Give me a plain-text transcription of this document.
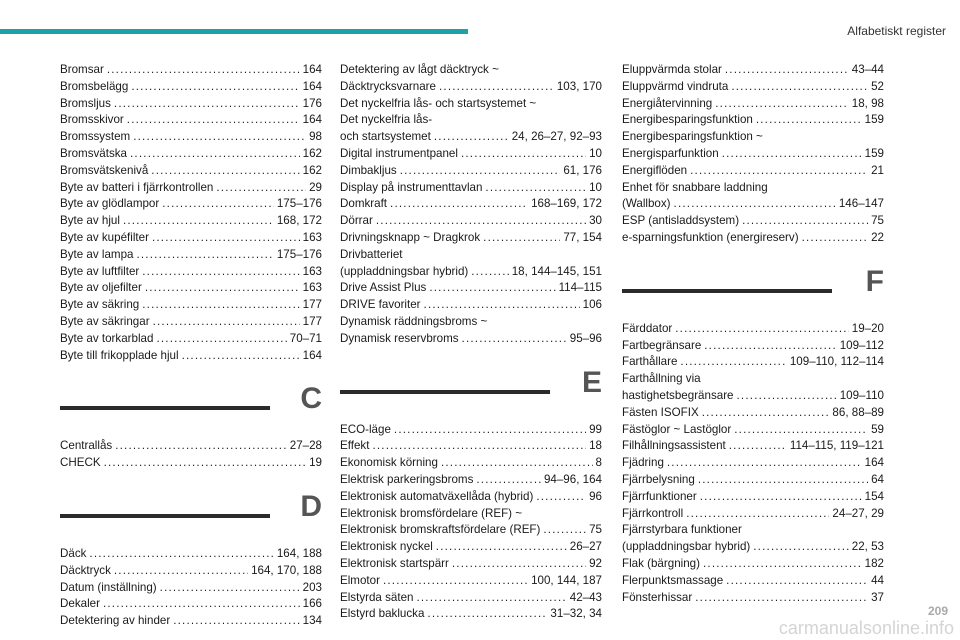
Alfabetiskt register
Bromsar .....	164
Bromsbelägg .....	164
Bromsljus .....	176
Bromsskivor .....	164
Bromssystem .....	98
Bromsvätska .....	162
Bromsvätskenivå .....	162
Byte av batteri i fjärrkontrollen .....	29
Byte av glödlampor .....	175–176
Byte av hjul .....	168, 172
Byte av kupéfilter .....	163
Byte av lampa .....	175–176
Byte av luftfilter .....	163
Byte av oljefilter .....	163
Byte av säkring .....	177
Byte av säkringar .....	177
Byte av torkarblad .....	70–71
Byte till frikopplade hjul .....	164
C
Centrallås .....	27–28
CHECK .....	19
D
Däck .....	164, 188
Däcktryck .....	164, 170, 188
Datum (inställning) .....	203
Dekaler .....	166
Detektering av hinder .....	134
Detektering av lågt däcktryck ~
Däcktrycksvarnare .....	103, 170
Det nyckelfria lås- och startsystemet ~
Det nyckelfria lås-
och startsystemet .....	24, 26–27, 92–93
Digital instrumentpanel .....	10
Dimbakljus .....	61, 176
Display på instrumenttavlan .....	10
Domkraft .....	168–169, 172
Dörrar .....	30
Drivningsknapp ~ Dragkrok .....	77, 154
Drivbatteriet
(uppladdningsbar hybrid) .....	18, 144–145, 151
Drive Assist Plus .....	114–115
DRIVE favoriter .....	106
Dynamisk räddningsbroms ~
Dynamisk reservbroms .....	95–96
E
ECO-läge .....	99
Effekt .....	18
Ekonomisk körning .....	8
Elektrisk parkeringsbroms .....	94–96, 164
Elektronisk automatväxellåda (hybrid) .....	96
Elektronisk bromsfördelare (REF) ~
Elektronisk bromskraftsfördelare (REF) .....	75
Elektronisk nyckel .....	26–27
Elektronisk startspärr .....	92
Elmotor .....	100, 144, 187
Elstyrda säten .....	42–43
Elstyrd baklucka .....	31–32, 34
Eluppvärmda stolar .....	43–44
Eluppvärmd vindruta .....	52
Energiåtervinning .....	18, 98
Energibesparingsfunktion .....	159
Energibesparingsfunktion ~
Energisparfunktion .....	159
Energiflöden .....	21
Enhet för snabbare laddning
(Wallbox) .....	146–147
ESP (antisladdsystem) .....	75
e-sparningsfunktion (energireserv) .....	22
F
Färddator .....	19–20
Fartbegränsare .....	109–112
Farthållare .....	109–110, 112–114
Farthållning via
hastighetsbegränsare .....	109–110
Fästen ISOFIX .....	86, 88–89
Fästöglor ~ Lastöglor .....	59
Filhållningsassistent .....	114–115, 119–121
Fjädring .....	164
Fjärrbelysning .....	64
Fjärrfunktioner .....	154
Fjärrkontroll .....	24–27, 29
Fjärrstyrbara funktioner
(uppladdningsbar hybrid) .....	22, 53
Flak (bärgning) .....	182
Flerpunktsmassage .....	44
Fönsterhissar .....	37
209
carmanualsonline.info
